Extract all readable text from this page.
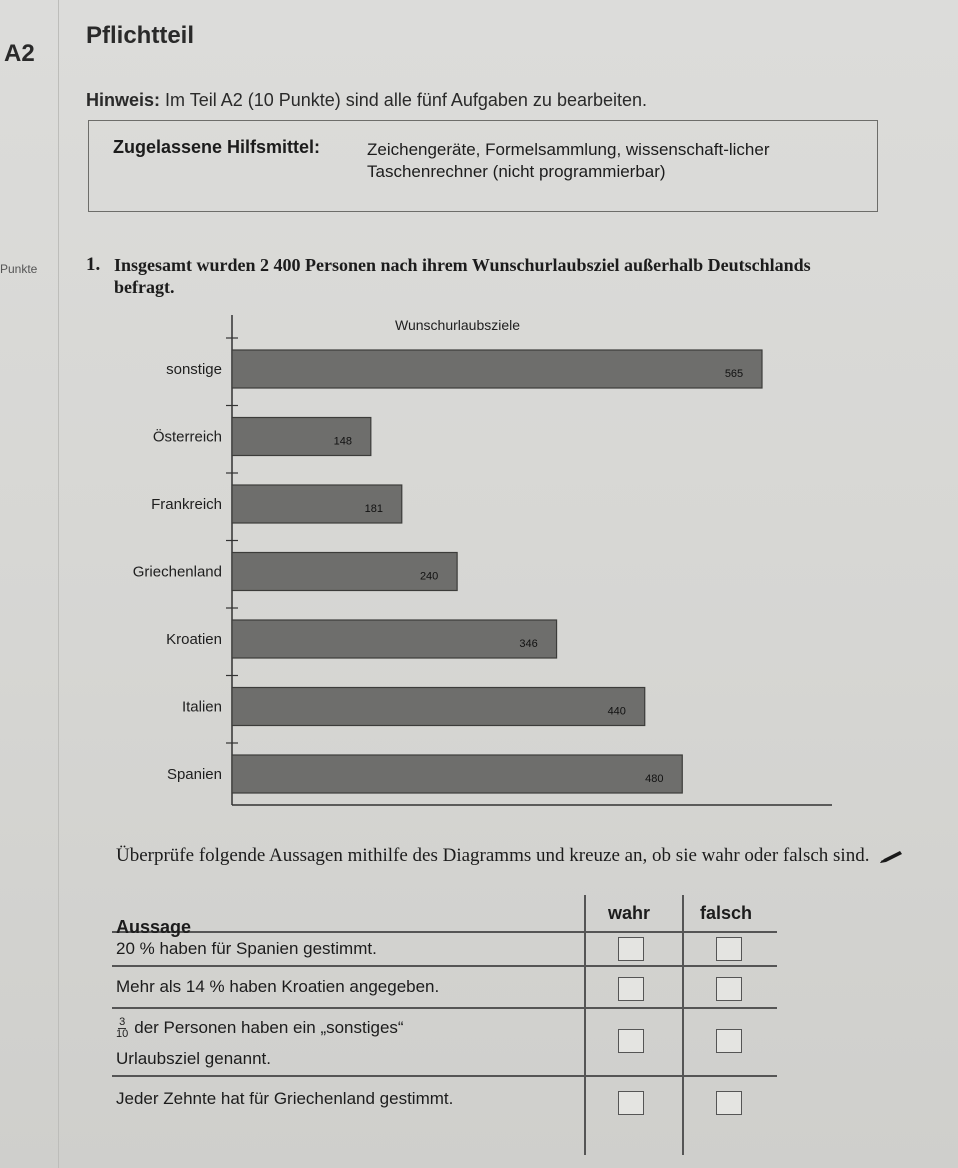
A2
Pflichtteil
Hinweis: Im Teil A2 (10 Punkte) sind alle fünf Aufgaben zu bearbeiten.
Zugelassene Hilfsmittel:	Zeichengeräte, Formelsammlung, wissenschaft-licher Taschenrechner (nicht programmierbar)
Punkte	1. Insgesamt wurden 2 400 Personen nach ihrem Wunschurlaubsziel außerhalb Deutschlands befragt.
Wunschurlaubsziele
sonstige	565
Österreich	148
Frankreich	181
Griechenland	240
Kroatien	346
Italien	440
Spanien	480
Überprüfe folgende Aussagen mithilfe des Diagramms und kreuze an, ob sie wahr oder falsch sind.
Aussage
wahr	falsch
20 % haben für Spanien gestimmt.
Mehr als 14 % haben Kroatien angegeben.
$\frac{3}{10}$ der Personen haben ein „sonstiges“
Urlaubsziel genannt.
Jeder Zehnte hat für Griechenland gestimmt.
